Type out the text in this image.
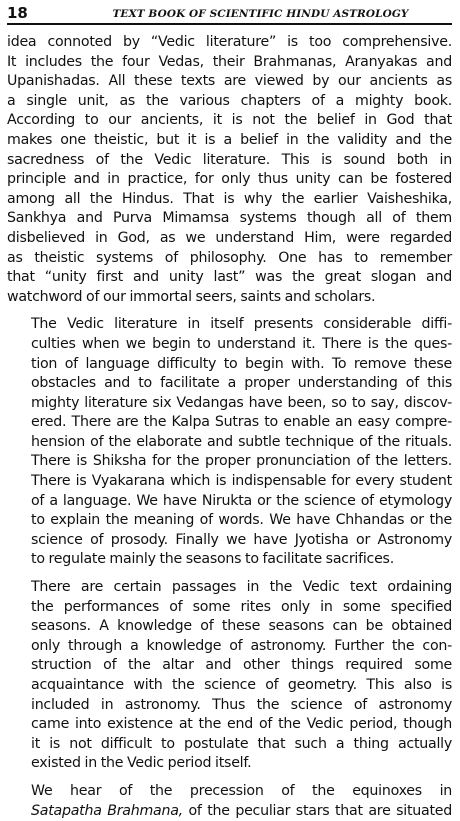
18	TEXT BOOK OF SCIENTIFIC HINDU ASTROLOGY

idea connoted by “Vedic literature” is too comprehensive.
It includes the four Vedas, their Brahmanas, Aranyakas and
Upanishadas. All these texts are viewed by our ancients as
a single unit, as the various chapters of a mighty book.
According to our ancients, it is not the belief in God that
makes one theistic, but it is a belief in the validity and the
sacredness of the Vedic literature. This is sound both in
principle and in practice, for only thus unity can be fostered
among all the Hindus. That is why the earlier Vaisheshika,
Sankhya and Purva Mimamsa systems though all of them
disbelieved in God, as we understand Him, were regarded
as theistic systems of philosophy. One has to remember
that “unity first and unity last” was the great slogan and
watchword of our immortal seers, saints and scholars.

The Vedic literature in itself presents considerable diffi-
culties when we begin to understand it. There is the ques-
tion of language difficulty to begin with. To remove these
obstacles and to facilitate a proper understanding of this
mighty literature six Vedangas have been, so to say, discov-
ered. There are the Kalpa Sutras to enable an easy compre-
hension of the elaborate and subtle technique of the rituals.
There is Shiksha for the proper pronunciation of the letters.
There is Vyakarana which is indispensable for every student
of a language. We have Nirukta or the science of etymology
to explain the meaning of words. We have Chhandas or the
science of prosody. Finally we have Jyotisha or Astronomy
to regulate mainly the seasons to facilitate sacrifices.

There are certain passages in the Vedic text ordaining
the performances of some rites only in some specified
seasons. A knowledge of these seasons can be obtained
only through a knowledge of astronomy. Further the con-
struction of the altar and other things required some
acquaintance with the science of geometry. This also is
included in astronomy. Thus the science of astronomy
came into existence at the end of the Vedic period, though
it is not difficult to postulate that such a thing actually
existed in the Vedic period itself.

We hear of the precession of the equinoxes in
Satapatha Brahmana, of the peculiar stars that are situated
